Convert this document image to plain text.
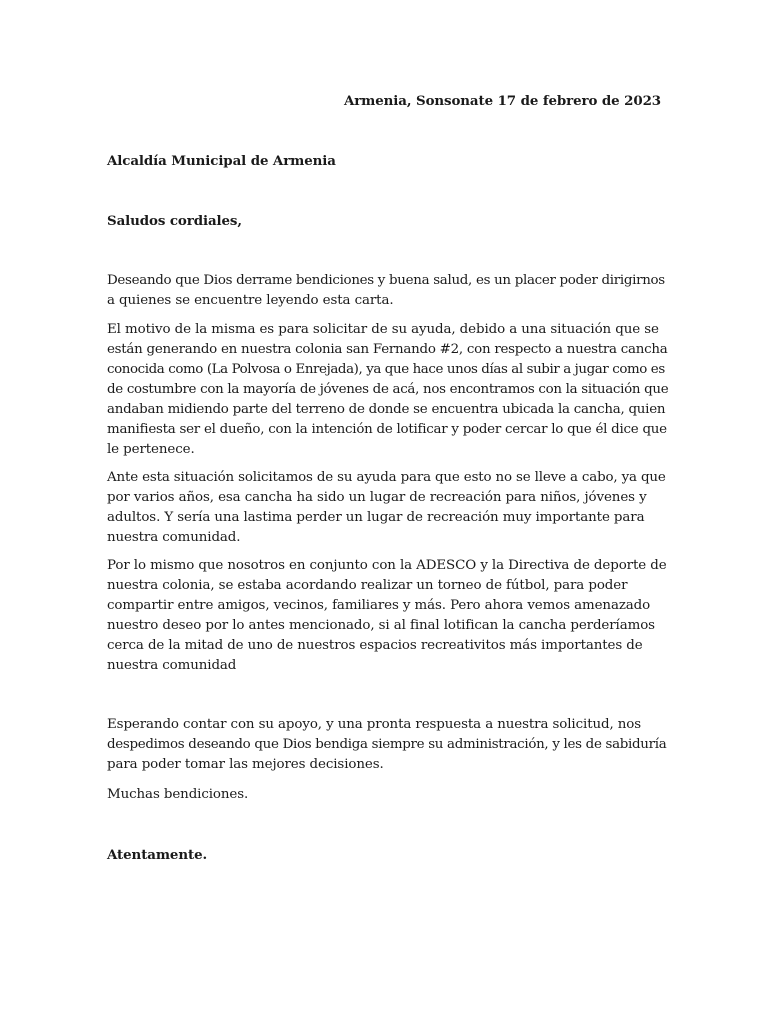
Armenia, Sonsonate 17 de febrero de 2023
Alcaldía Municipal de Armenia
Saludos cordiales,
Deseando que Dios derrame bendiciones y buena salud, es un placer poder dirigirnos
a quienes se encuentre leyendo esta carta.
El motivo de la misma es para solicitar de su ayuda, debido a una situación que se
están generando en nuestra colonia san Fernando #2, con respecto a nuestra cancha
conocida como (La Polvosa o Enrejada), ya que hace unos días al subir a jugar como es
de costumbre con la mayoría de jóvenes de acá, nos encontramos con la situación que
andaban midiendo parte del terreno de donde se encuentra ubicada la cancha, quien
manifiesta ser el dueño, con la intención de lotificar y poder cercar lo que él dice que
le pertenece.
Ante esta situación solicitamos de su ayuda para que esto no se lleve a cabo, ya que
por varios años, esa cancha ha sido un lugar de recreación para niños, jóvenes y
adultos. Y sería una lastima perder un lugar de recreación muy importante para
nuestra comunidad.
Por lo mismo que nosotros en conjunto con la ADESCO y la Directiva de deporte de
nuestra colonia, se estaba acordando realizar un torneo de fútbol, para poder
compartir entre amigos, vecinos, familiares y más. Pero ahora vemos amenazado
nuestro deseo por lo antes mencionado, si al final lotifican la cancha perderíamos
cerca de la mitad de uno de nuestros espacios recreativitos más importantes de
nuestra comunidad
Esperando contar con su apoyo, y una pronta respuesta a nuestra solicitud, nos
despedimos deseando que Dios bendiga siempre su administración, y les de sabiduría
para poder tomar las mejores decisiones.
Muchas bendiciones.
Atentamente.
